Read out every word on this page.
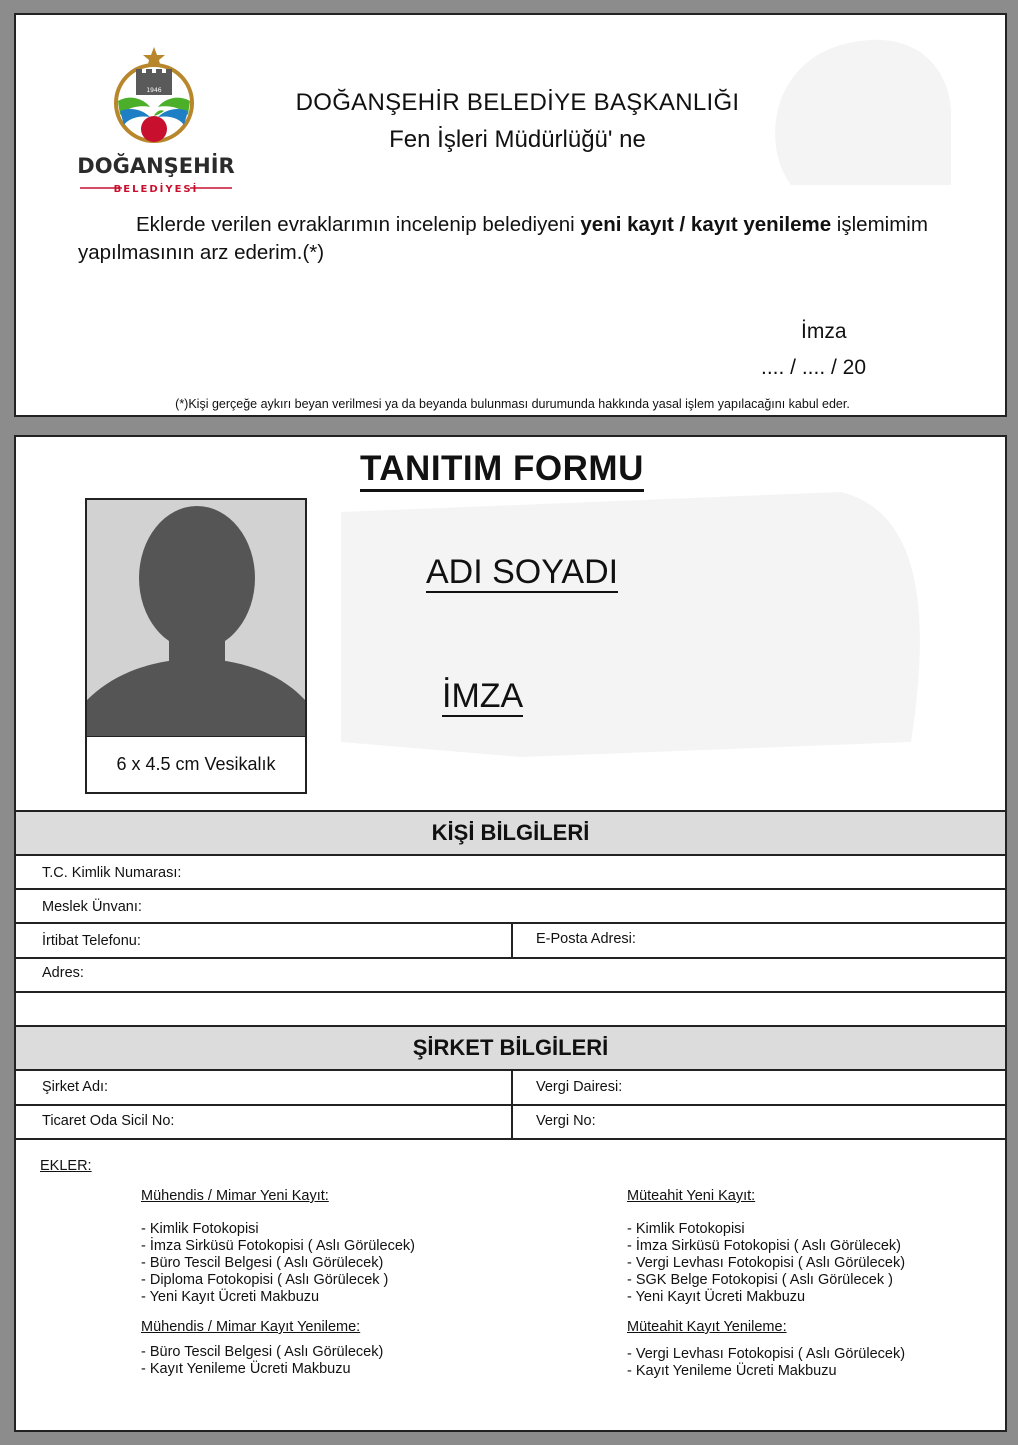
1946
DOĞANŞEHİR
BELEDİYESİ
DOĞANŞEHİR BELEDİYE BAŞKANLIĞI
Fen İşleri Müdürlüğü' ne
Eklerde verilen evraklarımın incelenip belediyeni yeni kayıt / kayıt yenileme işlemimim yapılmasının arz ederim.(*)
İmza
.... / .... / 20
(*)Kişi gerçeğe aykırı beyan verilmesi ya da beyanda bulunması durumunda hakkında yasal işlem yapılacağını kabul eder.
TANITIM FORMU
6 x 4.5 cm Vesikalık
ADI SOYADI
İMZA
KİŞİ BİLGİLERİ
T.C. Kimlik Numarası:
Meslek Ünvanı:
İrtibat Telefonu:	E-Posta Adresi:
Adres:
ŞİRKET BİLGİLERİ
Şirket Adı:	Vergi Dairesi:
Ticaret Oda Sicil No:	Vergi No:
EKLER:
Mühendis / Mimar Yeni Kayıt:
- Kimlik Fotokopisi
- İmza Sirküsü Fotokopisi ( Aslı Görülecek)
- Büro Tescil Belgesi ( Aslı Görülecek)
- Diploma Fotokopisi ( Aslı Görülecek )
- Yeni Kayıt Ücreti Makbuzu
Mühendis / Mimar Kayıt Yenileme:
- Büro Tescil Belgesi ( Aslı Görülecek)
- Kayıt Yenileme Ücreti Makbuzu
Müteahit Yeni Kayıt:
- Kimlik Fotokopisi
- İmza Sirküsü Fotokopisi ( Aslı Görülecek)
- Vergi Levhası Fotokopisi ( Aslı Görülecek)
- SGK Belge Fotokopisi ( Aslı Görülecek )
- Yeni Kayıt Ücreti Makbuzu
Müteahit Kayıt Yenileme:
- Vergi Levhası Fotokopisi ( Aslı Görülecek)
- Kayıt Yenileme Ücreti Makbuzu
